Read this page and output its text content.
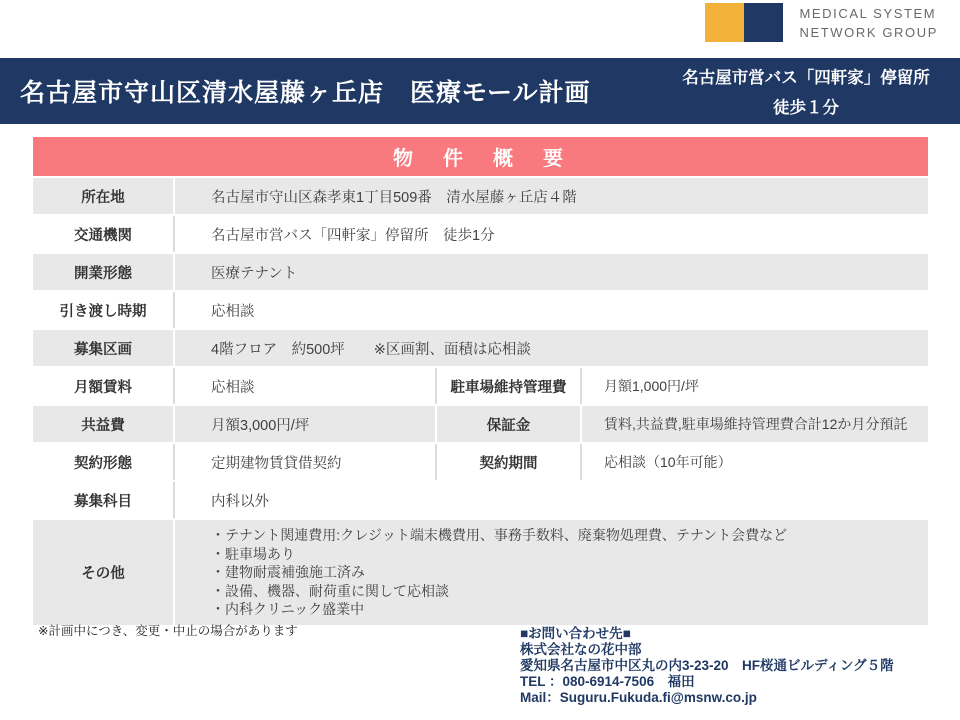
MEDICAL SYSTEM
NETWORK GROUP
名古屋市守山区清水屋藤ヶ丘店　医療モール計画
名古屋市営バス「四軒家」停留所
徒歩１分
物　件　概　要
所在地	名古屋市守山区森孝東1丁目509番　清水屋藤ヶ丘店４階
交通機関	名古屋市営バス「四軒家」停留所　徒歩1分
開業形態	医療テナント
引き渡し時期	応相談
募集区画	4階フロア　約500坪　　※区画割、面積は応相談
月額賃料	応相談	駐車場維持管理費	月額1,000円/坪
共益費	月額3,000円/坪	保証金	賃料,共益費,駐車場維持管理費合計12か月分預託
契約形態	定期建物賃貸借契約	契約期間	応相談（10年可能）
募集科目	内科以外
その他
・テナント関連費用:クレジット端末機費用、事務手数料、廃棄物処理費、テナント会費など
・駐車場あり
・建物耐震補強施工済み
・設備、機器、耐荷重に関して応相談
・内科クリニック盛業中
※計画中につき、変更・中止の場合があります	■お問い合わせ先■
株式会社なの花中部
愛知県名古屋市中区丸の内3-23-20　HF桜通ビルディング５階
TEL ：080-6914-7506　福田
Mail：Suguru.Fukuda.fi@msnw.co.jp
